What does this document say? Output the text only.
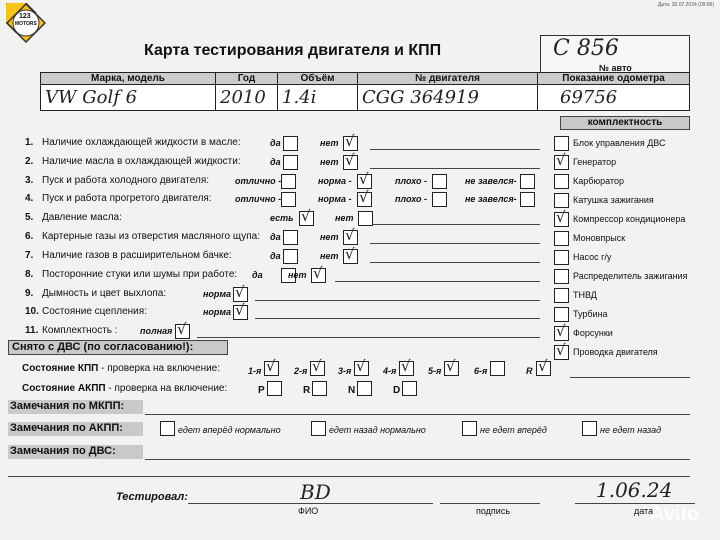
123
MOTORS
Дата: 30.07.2024 (09:06)
Карта тестирования двигателя и КПП	С 856
№ авто
Марка, модель	Год	Объём	№ двигателя	Показание одометра
VW Golf 6	2010	1.4i	CGG 364919	69756
комплектность
1. Наличие охлаждающей жидкости в масле:	да	нет √
2. Наличие масла в охлаждающей жидкости:	да	нет √
3. Пуск и работа холодного двигателя:	отлично -	норма - √	плохо -	не завелся-
4. Пуск и работа прогретого двигателя:	отлично -	норма - √	плохо -	не завелся-
5. Давление масла:	есть √	нет
6. Картерные газы из отверстия масляного щупа: да	нет √
7. Наличие газов в расширительном бачке:	да	нет √
8. Посторонние стуки или шумы при работе: да	нет √
9. Дымность и цвет выхлопа:	норма √
10. Состояние сцепления:	норма √
11. Комплектность : полная √
Блок управления ДВС
√ Генератор
Карбюратор
Катушка зажигания
√ Компрессор кондиционера
Моновпрыск
Насос г/у
Распределитель зажигания
ТНВД
Турбина
√ Форсунки
√ Проводка двигателя
Снято с ДВС (по согласованию!):
Состояние КПП - проверка на включение:	1-я √ 2-я √ 3-я √ 4-я √ 5-я √ 6-я	R √
Состояние АКПП - проверка на включение:	P	R	N	D
Замечания по МКПП:
Замечания по АКПП:	едет вперёд нормально	едет назад нормально	не едет вперёд	не едет назад
Замечания по ДВС:
Тестировал:	BD	1.06.24
ФИО	подпись	дата
Avito
